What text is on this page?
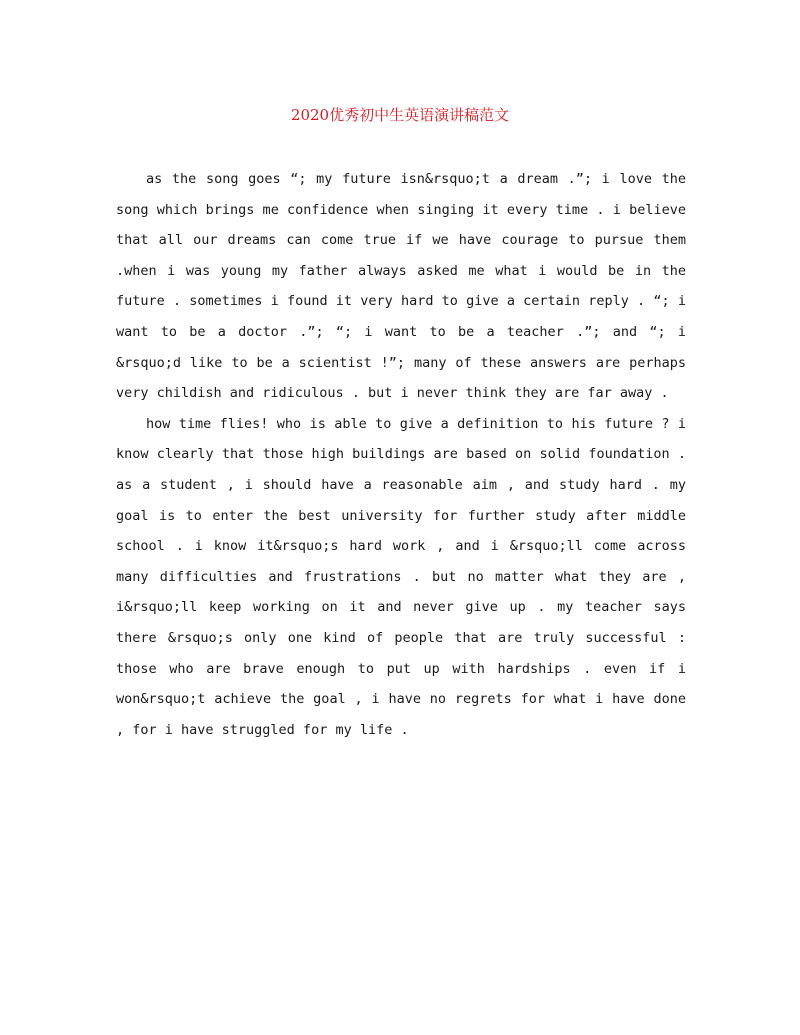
2020优秀初中生英语演讲稿范文

as the song goes “; my future isn&rsquo;t a dream .”; i love the song which brings me confidence when singing it every time . i believe that all our dreams can come true if we have courage to pursue them .when i was young my father always asked me what i would be in the future . sometimes i found it very hard to give a certain reply . “; i want to be a doctor .”; “; i want to be a teacher .”; and “; i &rsquo;d like to be a scientist !”; many of these answers are perhaps very childish and ridiculous . but i never think they are far away .

how time flies! who is able to give a definition to his future ? i know clearly that those high buildings are based on solid foundation . as a student , i should have a reasonable aim , and study hard . my goal is to enter the best university for further study after middle school . i know it&rsquo;s hard work , and i &rsquo;ll come across many difficulties and frustrations . but no matter what they are , i&rsquo;ll keep working on it and never give up . my teacher says there &rsquo;s only one kind of people that are truly successful : those who are brave enough to put up with hardships . even if i won&rsquo;t achieve the goal , i have no regrets for what i have done , for i have struggled for my life .
